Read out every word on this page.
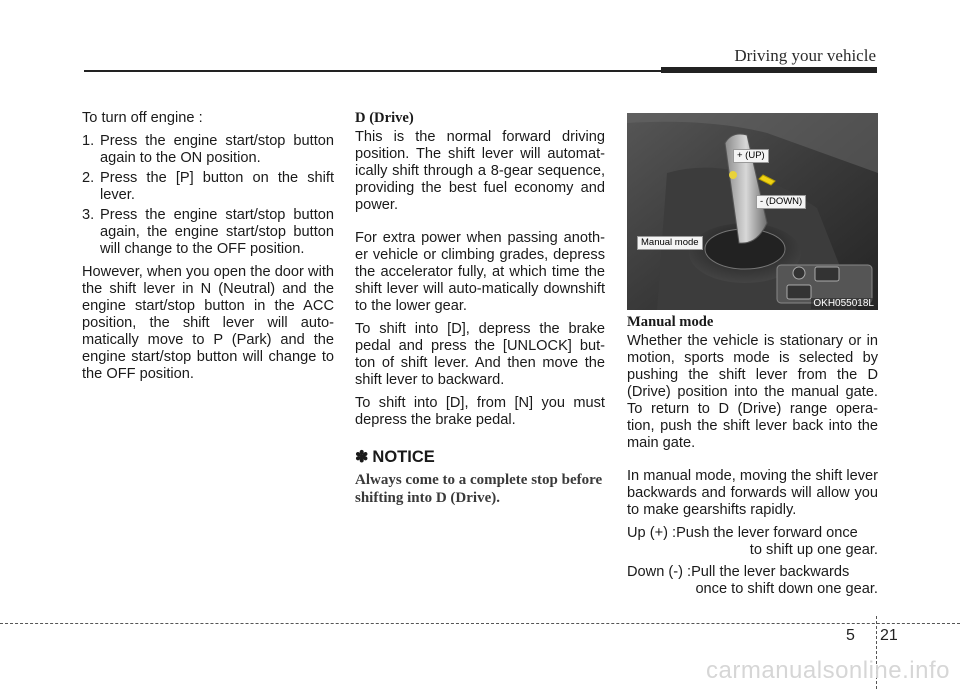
Driving your vehicle

To turn off engine :

1. Press the engine start/stop button again to the ON position.
2. Press the [P] button on the shift lever.
3. Press the engine start/stop button again, the engine start/stop button will change to the OFF position.

However, when you open the door with the shift lever in N (Neutral) and the engine start/stop button in the ACC position, the shift lever will auto-matically move to P (Park) and the engine start/stop button will change to the OFF position.

D (Drive)

This is the normal forward driving position. The shift lever will automat-ically shift through a 8-gear sequence, providing the best fuel economy and power.

For extra power when passing anoth-er vehicle or climbing grades, depress the accelerator fully, at which time the shift lever will auto-matically downshift to the lower gear.

To shift into [D], depress the brake pedal and press the [UNLOCK] but-ton of shift lever. And then move the shift lever to backward.

To shift into [D], from [N] you must depress the brake pedal.

✽ NOTICE
Always come to a complete stop before shifting into D (Drive).
+ (UP)
- (DOWN)
Manual mode
OKH055018L
Manual mode

Whether the vehicle is stationary or in motion, sports mode is selected by pushing the shift lever from the D (Drive) position into the manual gate. To return to D (Drive) range opera-tion, push the shift lever back into the main gate.

In manual mode, moving the shift lever backwards and forwards will allow you to make gearshifts rapidly.

Up (+) : Push the lever forward once
to shift up one gear.
Down (-) : Pull the lever backwards
once to shift down one gear.
5 21
carmanualsonline.info
